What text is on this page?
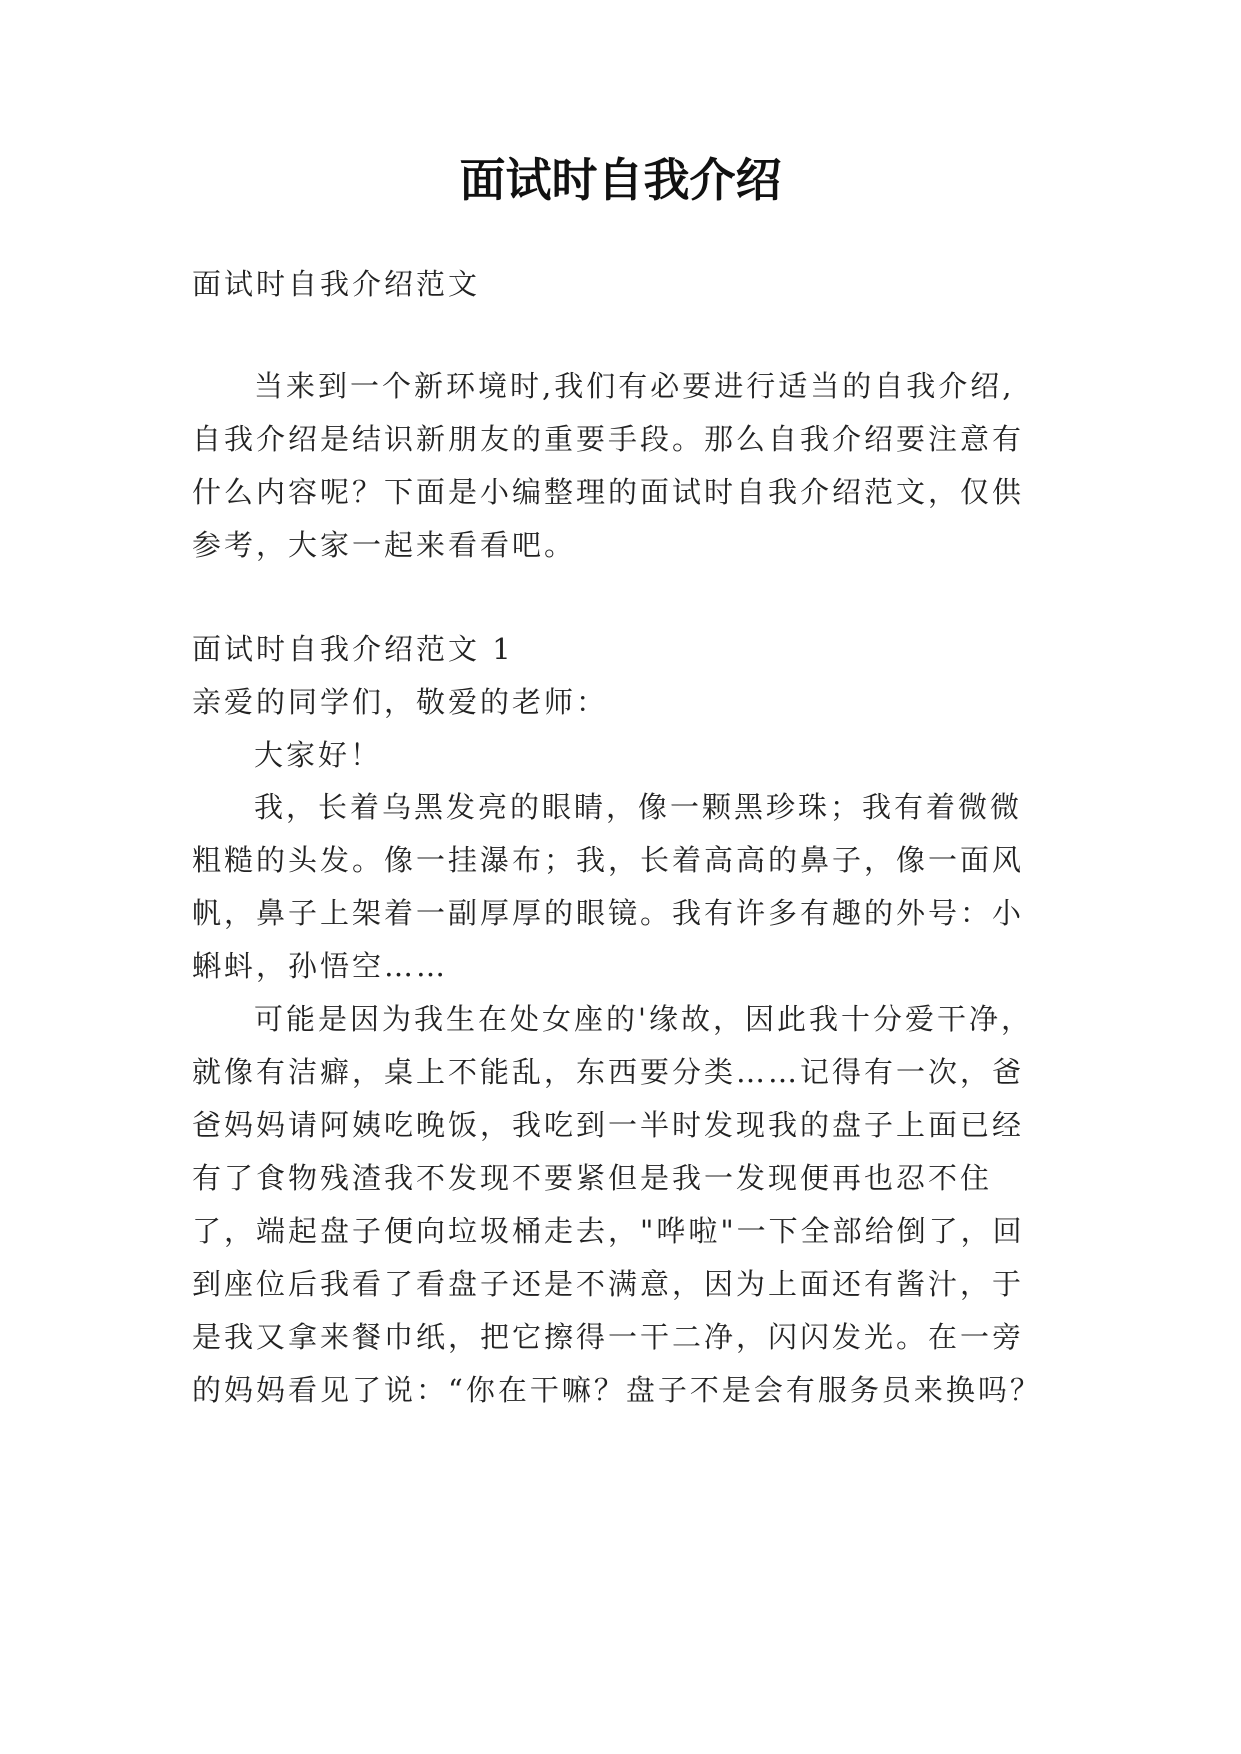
面试时自我介绍
面试时自我介绍范文
当来到一个新环境时,我们有必要进行适当的自我介绍,
自我介绍是结识新朋友的重要手段。那么自我介绍要注意有
什么内容呢？下面是小编整理的面试时自我介绍范文，仅供
参考，大家一起来看看吧。
面试时自我介绍范文 1
亲爱的同学们，敬爱的老师：
大家好！
我，长着乌黑发亮的眼睛，像一颗黑珍珠；我有着微微
粗糙的头发。像一挂瀑布；我，长着高高的鼻子，像一面风
帆，鼻子上架着一副厚厚的眼镜。我有许多有趣的外号：小
蝌蚪，孙悟空……
可能是因为我生在处女座的'缘故，因此我十分爱干净，
就像有洁癖，桌上不能乱，东西要分类……记得有一次，爸
爸妈妈请阿姨吃晚饭，我吃到一半时发现我的盘子上面已经
有了食物残渣我不发现不要紧但是我一发现便再也忍不住
了，端起盘子便向垃圾桶走去，"哗啦"一下全部给倒了，回
到座位后我看了看盘子还是不满意，因为上面还有酱汁，于
是我又拿来餐巾纸，把它擦得一干二净，闪闪发光。在一旁
的妈妈看见了说：“你在干嘛？盘子不是会有服务员来换吗？
